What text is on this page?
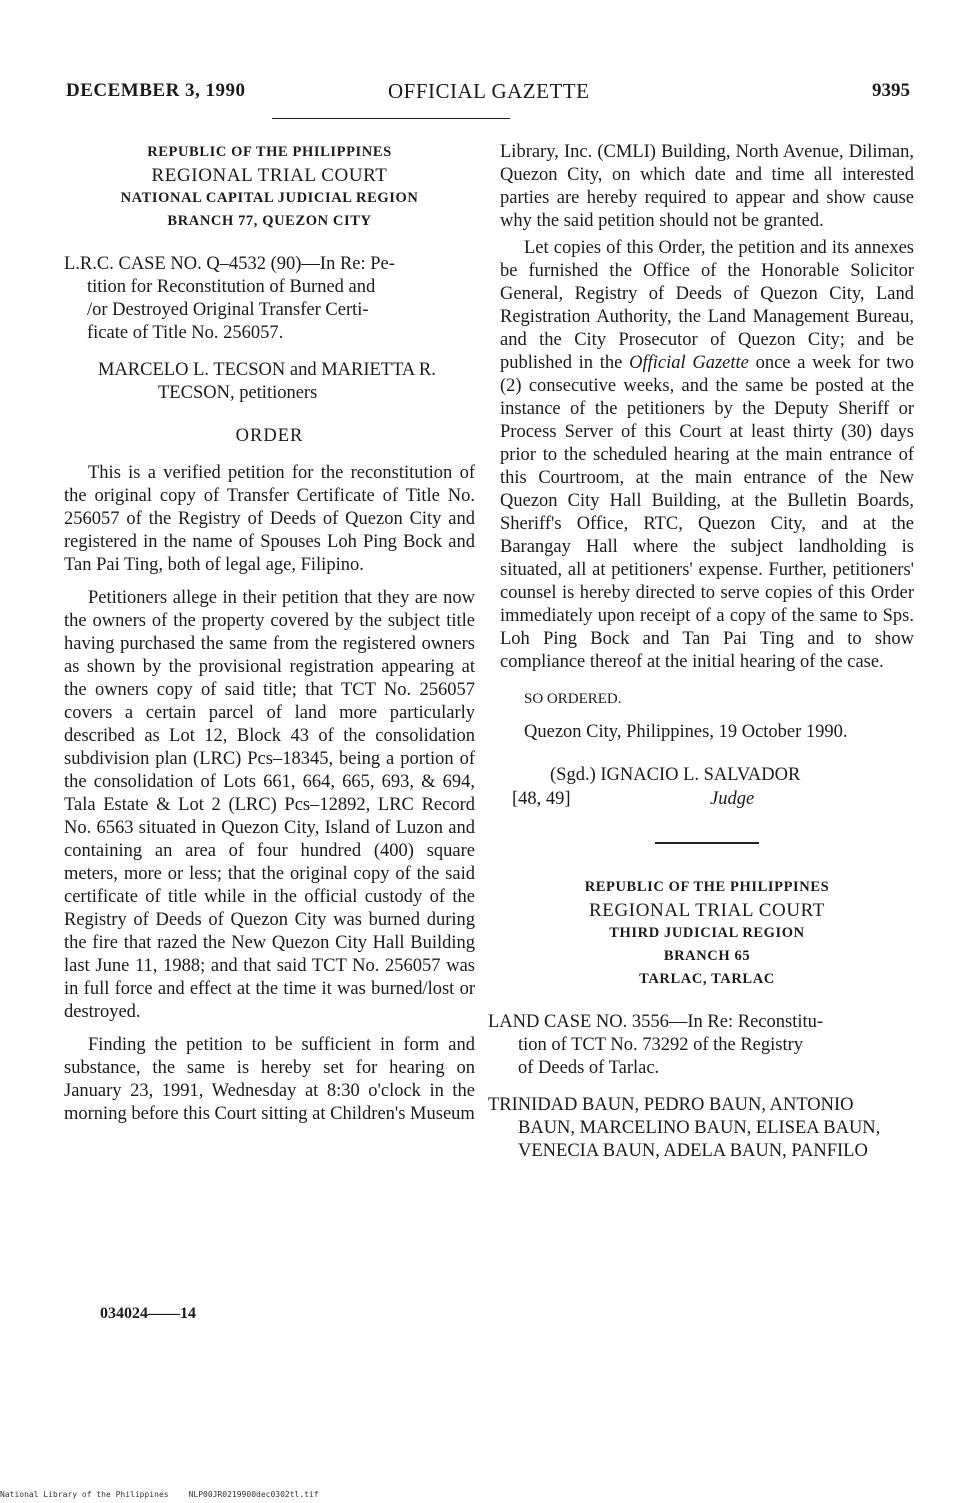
DECEMBER 3, 1990	OFFICIAL GAZETTE	9395

REPUBLIC OF THE PHILIPPINES

REGIONAL TRIAL COURT

NATIONAL CAPITAL JUDICIAL REGION

BRANCH 77, QUEZON CITY

L.R.C. CASE NO. Q–4532 (90)—In Re: Pe-
tition for Reconstitution of Burned and
/or Destroyed Original Transfer Certi-
ficate of Title No. 256057.

MARCELO L. TECSON and MARIETTA R.
TECSON, petitioners

ORDER

This is a verified petition for the reconstitution of the original copy of Transfer Certificate of Title No. 256057 of the Registry of Deeds of Quezon City and registered in the name of Spouses Loh Ping Bock and Tan Pai Ting, both of legal age, Filipino.

Petitioners allege in their petition that they are now the owners of the property covered by the subject title having purchased the same from the registered owners as shown by the provisional registration appearing at the owners copy of said title; that TCT No. 256057 covers a certain parcel of land more particularly described as Lot 12, Block 43 of the consolidation subdivision plan (LRC) Pcs–18345, being a portion of the consolidation of Lots 661, 664, 665, 693, & 694, Tala Estate & Lot 2 (LRC) Pcs–12892, LRC Record No. 6563 situated in Quezon City, Island of Luzon and containing an area of four hundred (400) square meters, more or less; that the original copy of the said certificate of title while in the official custody of the Registry of Deeds of Quezon City was burned during the fire that razed the New Quezon City Hall Building last June 11, 1988; and that said TCT No. 256057 was in full force and effect at the time it was burned/lost or destroyed.

Finding the petition to be sufficient in form and substance, the same is hereby set for hearing on January 23, 1991, Wednesday at 8:30 o'clock in the morning before this Court sitting at Children's Museum

Library, Inc. (CMLI) Building, North Avenue, Diliman, Quezon City, on which date and time all interested parties are hereby required to appear and show cause why the said petition should not be granted.

Let copies of this Order, the petition and its annexes be furnished the Office of the Honorable Solicitor General, Registry of Deeds of Quezon City, Land Registration Authority, the Land Management Bureau, and the City Prosecutor of Quezon City; and be published in the Official Gazette once a week for two (2) consecutive weeks, and the same be posted at the instance of the petitioners by the Deputy Sheriff or Process Server of this Court at least thirty (30) days prior to the scheduled hearing at the main entrance of this Courtroom, at the main entrance of the New Quezon City Hall Building, at the Bulletin Boards, Sheriff's Office, RTC, Quezon City, and at the Barangay Hall where the subject landholding is situated, all at petitioners' expense. Further, petitioners' counsel is hereby directed to serve copies of this Order immediately upon receipt of a copy of the same to Sps. Loh Ping Bock and Tan Pai Ting and to show compliance thereof at the initial hearing of the case.

SO ORDERED.

Quezon City, Philippines, 19 October 1990.

(Sgd.) IGNACIO L. SALVADOR
[48, 49]	Judge

REPUBLIC OF THE PHILIPPINES

REGIONAL TRIAL COURT

THIRD JUDICIAL REGION

BRANCH 65

TARLAC, TARLAC

LAND CASE NO. 3556—In Re: Reconstitu-
tion of TCT No. 73292 of the Registry
of Deeds of Tarlac.

TRINIDAD BAUN, PEDRO BAUN, ANTONIO
BAUN, MARCELINO BAUN, ELISEA BAUN,
VENECIA BAUN, ADELA BAUN, PANFILO

034024——14
National Library of the Philippines	NLP00JR0219900dec0302tl.tif
